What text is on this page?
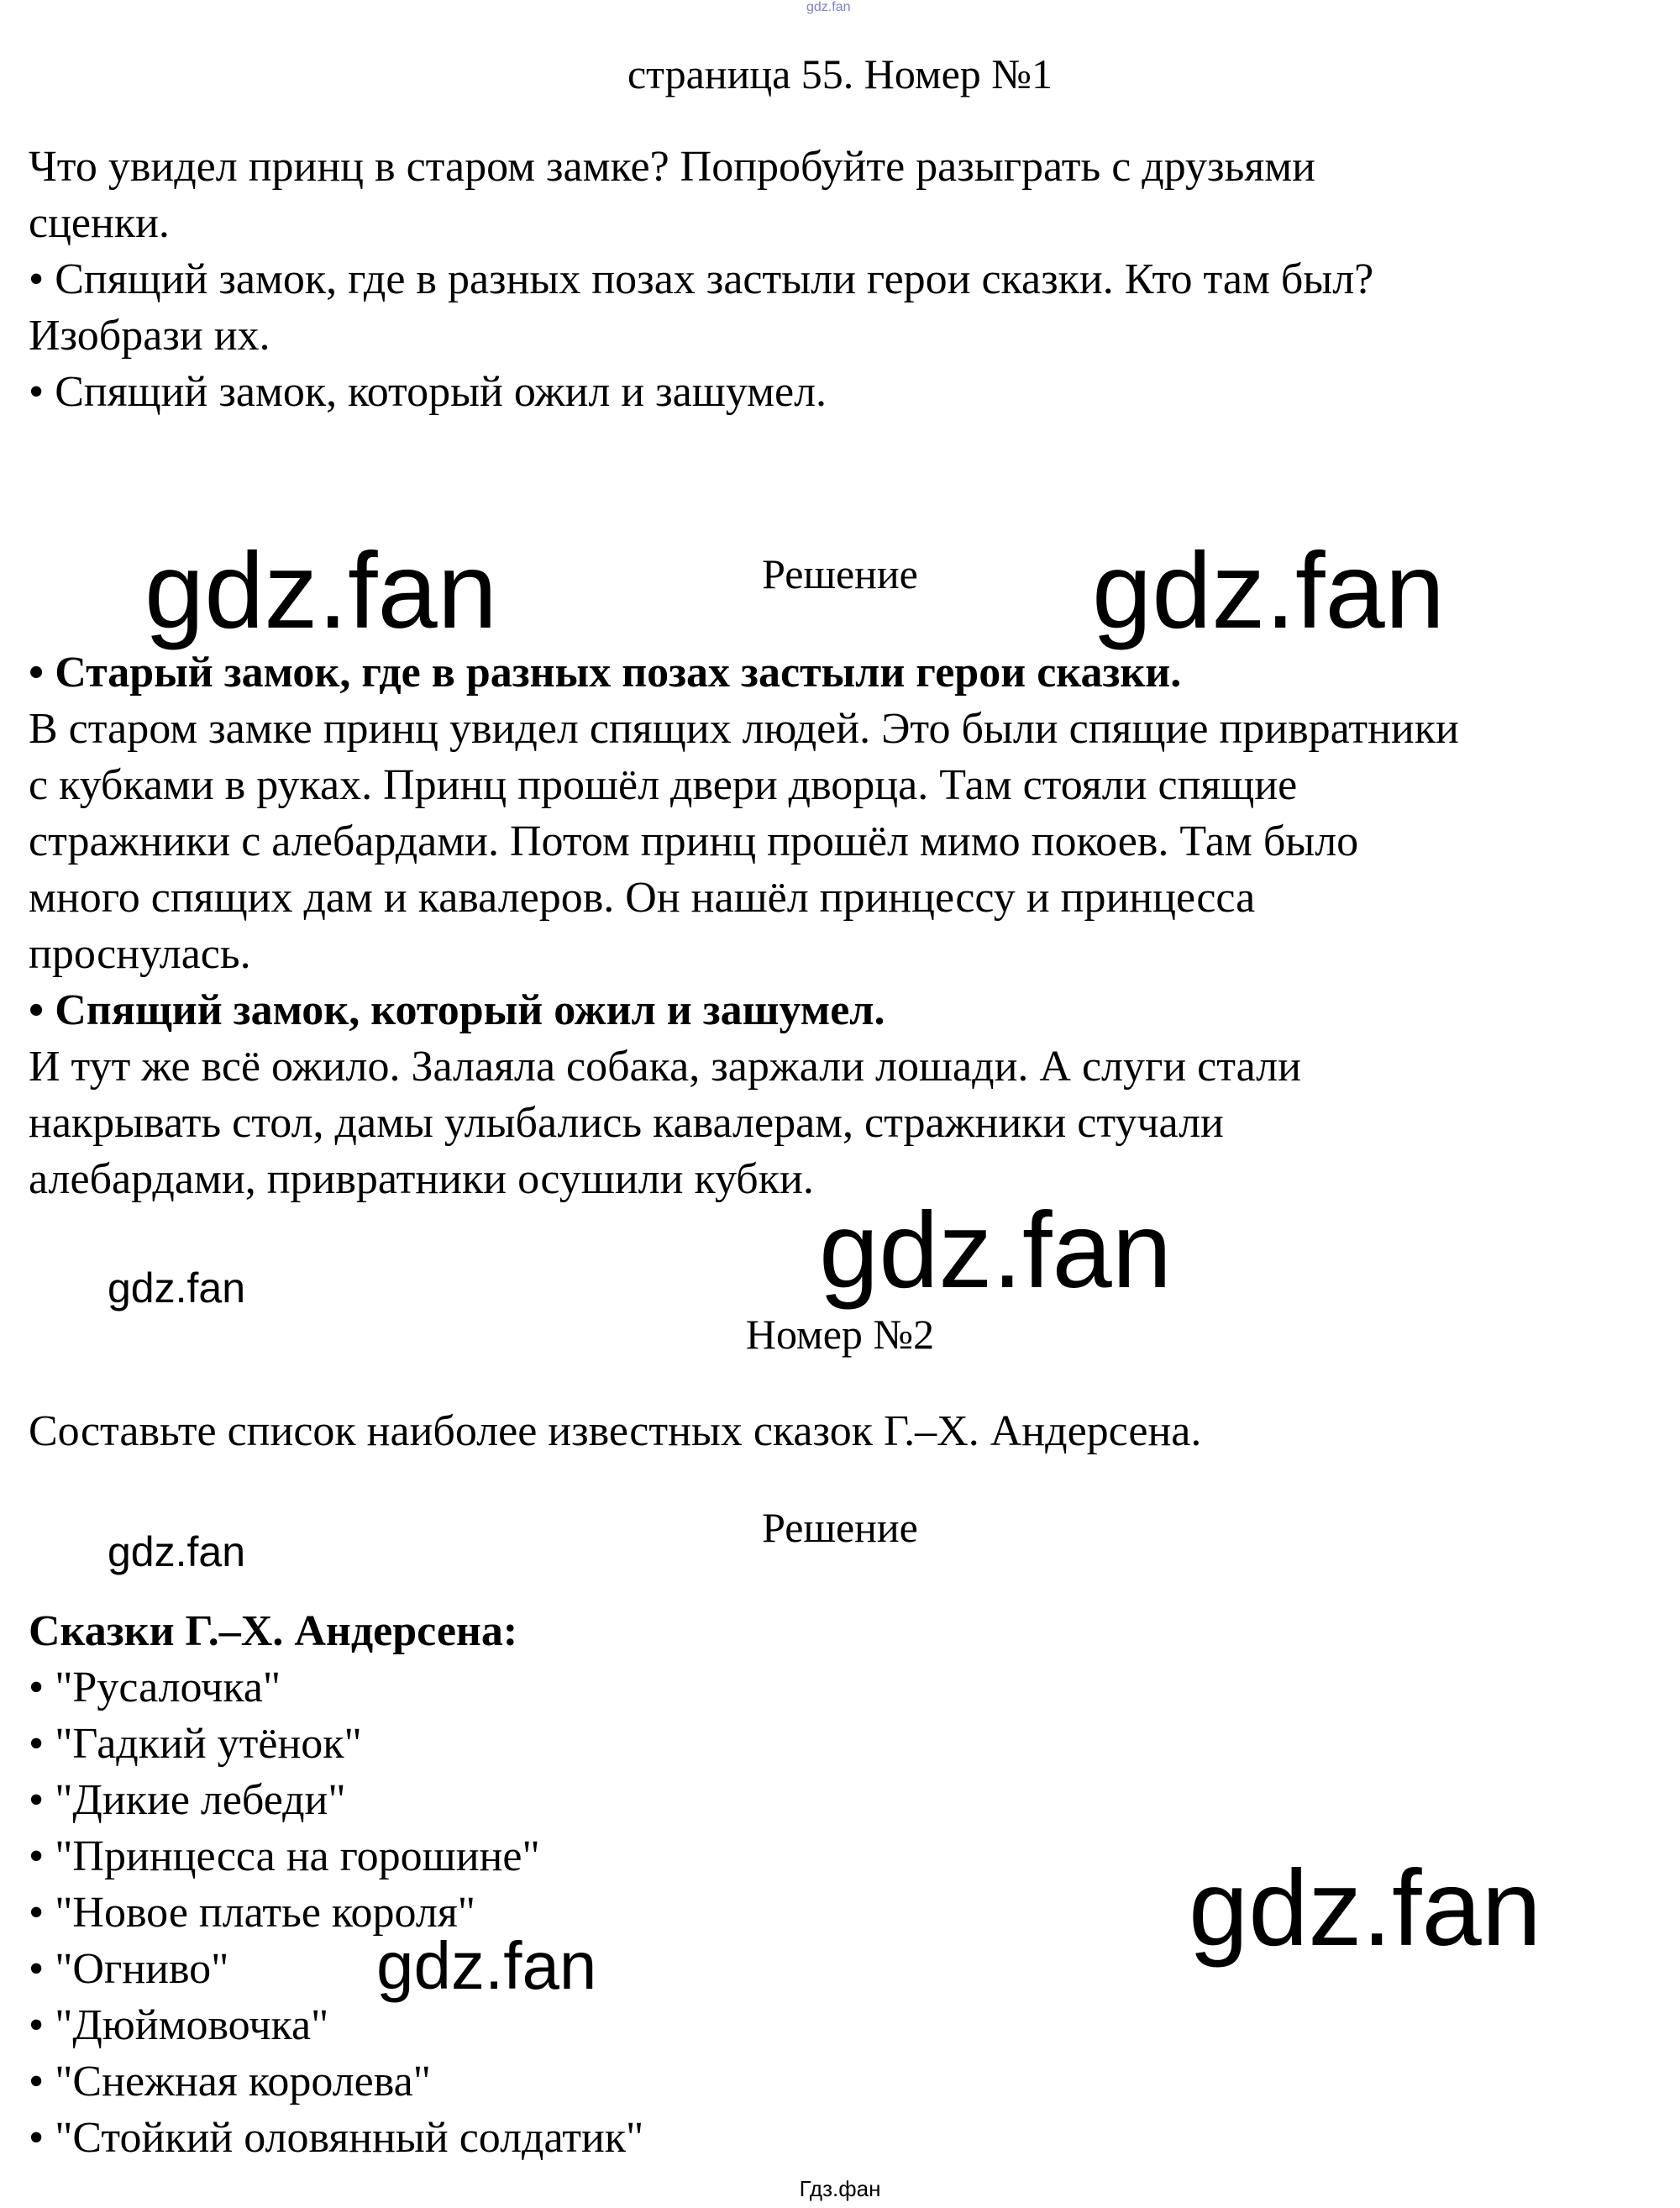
gdz.fan
страница 55. Номер №1
Что увидел принц в старом замке? Попробуйте разыграть с друзьями
сценки.
• Спящий замок, где в разных позах застыли герои сказки. Кто там был?
Изобрази их.
• Спящий замок, который ожил и зашумел.
Решение
• Старый замок, где в разных позах застыли герои сказки.
В старом замке принц увидел спящих людей. Это были спящие привратники
с кубками в руках. Принц прошёл двери дворца. Там стояли спящие
стражники с алебардами. Потом принц прошёл мимо покоев. Там было
много спящих дам и кавалеров. Он нашёл принцессу и принцесса
проснулась.
• Спящий замок, который ожил и зашумел.
И тут же всё ожило. Залаяла собака, заржали лошади. А слуги стали
накрывать стол, дамы улыбались кавалерам, стражники стучали
алебардами, привратники осушили кубки.
Номер №2
Составьте список наиболее известных сказок Г.–Х. Андерсена.
Решение
Сказки Г.–Х. Андерсена:
• "Русалочка"
• "Гадкий утёнок"
• "Дикие лебеди"
• "Принцесса на горошине"
• "Новое платье короля"
• "Огниво"
• "Дюймовочка"
• "Снежная королева"
• "Стойкий оловянный солдатик"
gdz.fan	gdz.fan
gdz.fan
gdz.fan
gdz.fan
gdz.fan
gdz.fan
Гдз.фан
